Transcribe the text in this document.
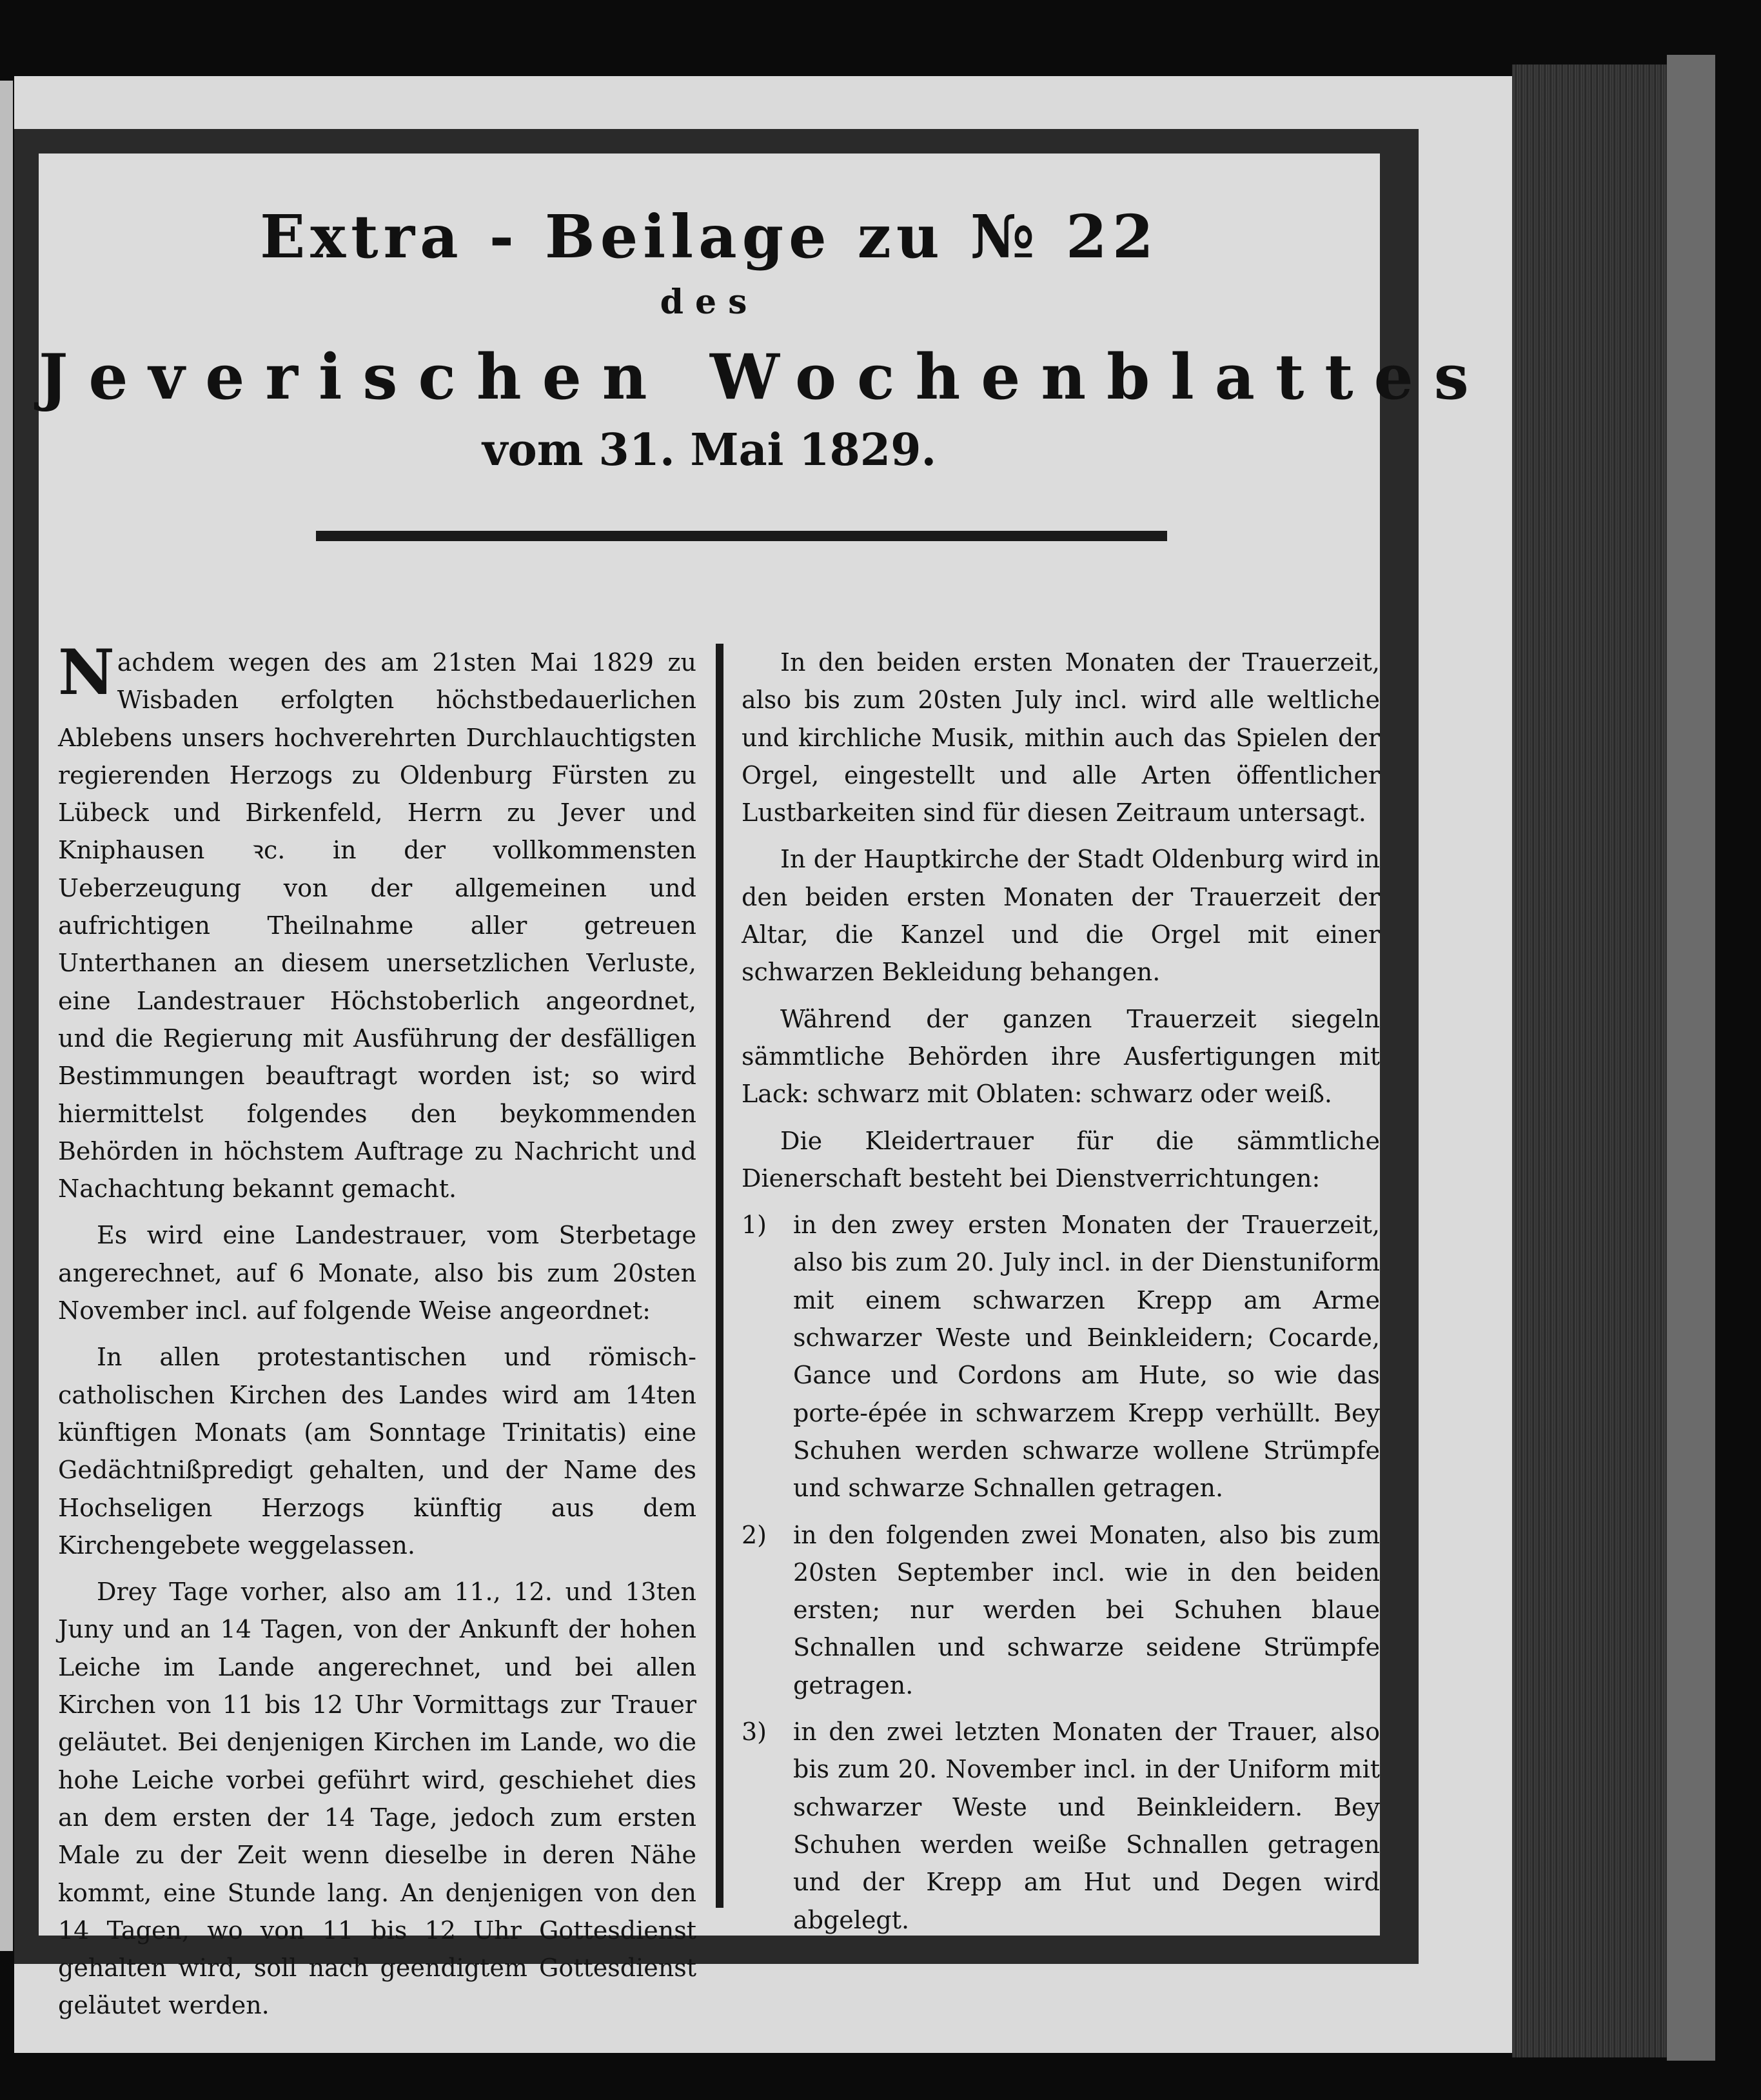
Extra - Beilage zu № 22
des
Jeverischen Wochenblattes
vom 31. Mai 1829.

Nachdem wegen des am 21sten Mai 1829 zu Wisbaden erfolgten höchstbedauerlichen Ablebens unsers hochverehrten Durchlauchtigsten regierenden Herzogs zu Oldenburg Fürsten zu Lübeck und Birkenfeld, Herrn zu Jever und Kniphausen ꝛc. in der vollkommensten Ueberzeugung von der allgemeinen und aufrichtigen Theilnahme aller getreuen Unterthanen an diesem unersetzlichen Verluste, eine Landestrauer Höchstoberlich angeordnet, und die Regierung mit Ausführung der desfälligen Bestimmungen beauftragt worden ist; so wird hiermittelst folgendes den beykommenden Behörden in höchstem Auftrage zu Nachricht und Nachachtung bekannt gemacht.

Es wird eine Landestrauer, vom Sterbetage angerechnet, auf 6 Monate, also bis zum 20sten November incl. auf folgende Weise angeordnet:

In allen protestantischen und römisch-catholischen Kirchen des Landes wird am 14ten künftigen Monats (am Sonntage Trinitatis) eine Gedächtnißpredigt gehalten, und der Name des Hochseligen Herzogs künftig aus dem Kirchengebete weggelassen.

Drey Tage vorher, also am 11., 12. und 13ten Juny und an 14 Tagen, von der Ankunft der hohen Leiche im Lande angerechnet, und bei allen Kirchen von 11 bis 12 Uhr Vormittags zur Trauer geläutet. Bei denjenigen Kirchen im Lande, wo die hohe Leiche vorbei geführt wird, geschiehet dies an dem ersten der 14 Tage, jedoch zum ersten Male zu der Zeit wenn dieselbe in deren Nähe kommt, eine Stunde lang. An denjenigen von den 14 Tagen, wo von 11 bis 12 Uhr Gottesdienst gehalten wird, soll nach geendigtem Gottesdienst geläutet werden.

In den beiden ersten Monaten der Trauerzeit, also bis zum 20sten July incl. wird alle weltliche und kirchliche Musik, mithin auch das Spielen der Orgel, eingestellt und alle Arten öffentlicher Lustbarkeiten sind für diesen Zeitraum untersagt.

In der Hauptkirche der Stadt Oldenburg wird in den beiden ersten Monaten der Trauerzeit der Altar, die Kanzel und die Orgel mit einer schwarzen Bekleidung behangen.

Während der ganzen Trauerzeit siegeln sämmtliche Behörden ihre Ausfertigungen mit Lack: schwarz mit Oblaten: schwarz oder weiß.

Die Kleidertrauer für die sämmtliche Dienerschaft besteht bei Dienstverrichtungen:

1) in den zwey ersten Monaten der Trauerzeit, also bis zum 20. July incl. in der Dienstuniform mit einem schwarzen Krepp am Arme schwarzer Weste und Beinkleidern; Cocarde, Gance und Cordons am Hute, so wie das porte-épée in schwarzem Krepp verhüllt. Bey Schuhen werden schwarze wollene Strümpfe und schwarze Schnallen getragen.
2) in den folgenden zwei Monaten, also bis zum 20sten September incl. wie in den beiden ersten; nur werden bei Schuhen blaue Schnallen und schwarze seidene Strümpfe getragen.
3) in den zwei letzten Monaten der Trauer, also bis zum 20. November incl. in der Uniform mit schwarzer Weste und Beinkleidern. Bey Schuhen werden weiße Schnallen getragen und der Krepp am Hut und Degen wird abgelegt.
